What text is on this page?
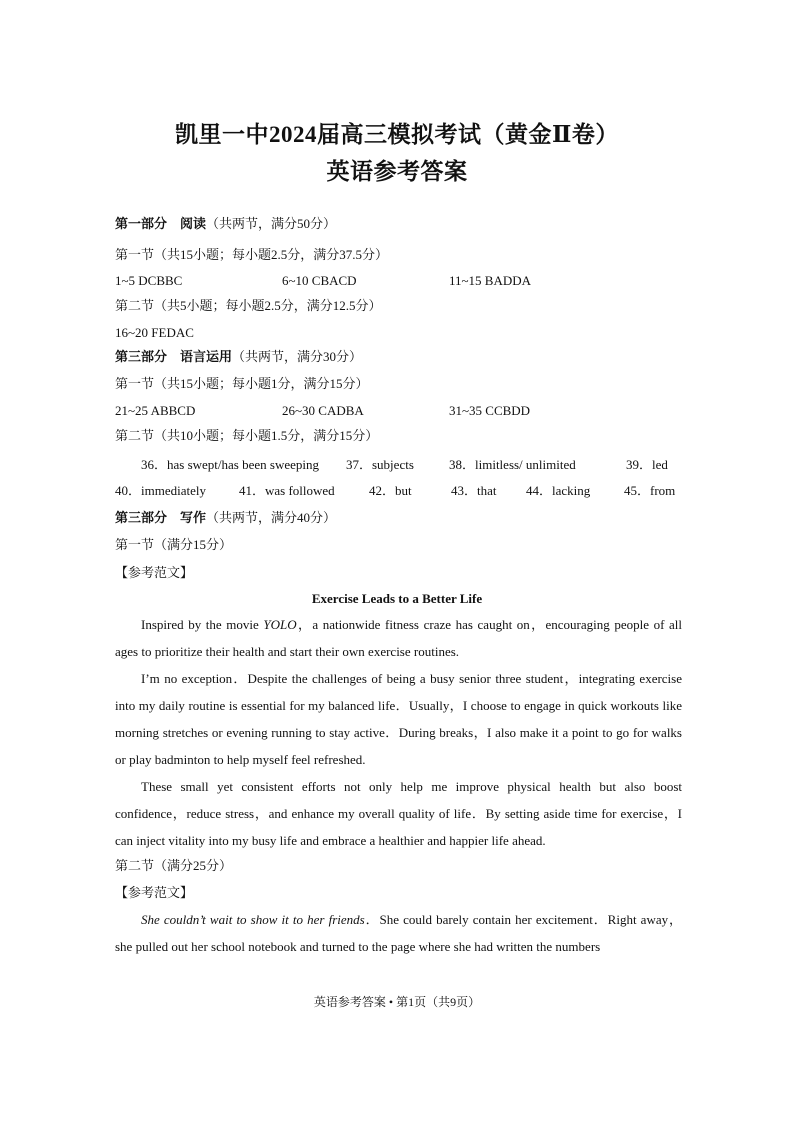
凯里一中2024届高三模拟考试（黄金Ⅱ卷）
英语参考答案
第一部分　阅读（共两节，满分50分）
第一节（共15小题；每小题2.5分，满分37.5分）
1~5 DCBBC	6~10 CBACD	11~15 BADDA
第二节（共5小题；每小题2.5分，满分12.5分）
16~20 FEDAC
第三部分　语言运用（共两节，满分30分）
第一节（共15小题；每小题1分，满分15分）
21~25 ABBCD	26~30 CADBA	31~35 CCBDD
第二节（共10小题；每小题1.5分，满分15分）
36．has swept/has been sweeping 37．subjects	38．limitless/ unlimited	39．led
40．immediately	41．was followed	42．but	43．that 44．lacking	45．from
第三部分　写作（共两节，满分40分）
第一节（满分15分）
【参考范文】
Exercise Leads to a Better Life
Inspired by the movie YOLO，a nationwide fitness craze has caught on，encouraging people of all ages to prioritize their health and start their own exercise routines.
I’m no exception．Despite the challenges of being a busy senior three student，integrating exercise into my daily routine is essential for my balanced life．Usually，I choose to engage in quick workouts like morning stretches or evening running to stay active．During breaks，I also make it a point to go for walks or play badminton to help myself feel refreshed.
These small yet consistent efforts not only help me improve physical health but also boost confidence，reduce stress，and enhance my overall quality of life．By setting aside time for exercise，I can inject vitality into my busy life and embrace a healthier and happier life ahead.
第二节（满分25分）
【参考范文】
She couldn’t wait to show it to her friends．She could barely contain her excitement．Right away，she pulled out her school notebook and turned to the page where she had written the numbers
英语参考答案 • 第1页（共9页）
